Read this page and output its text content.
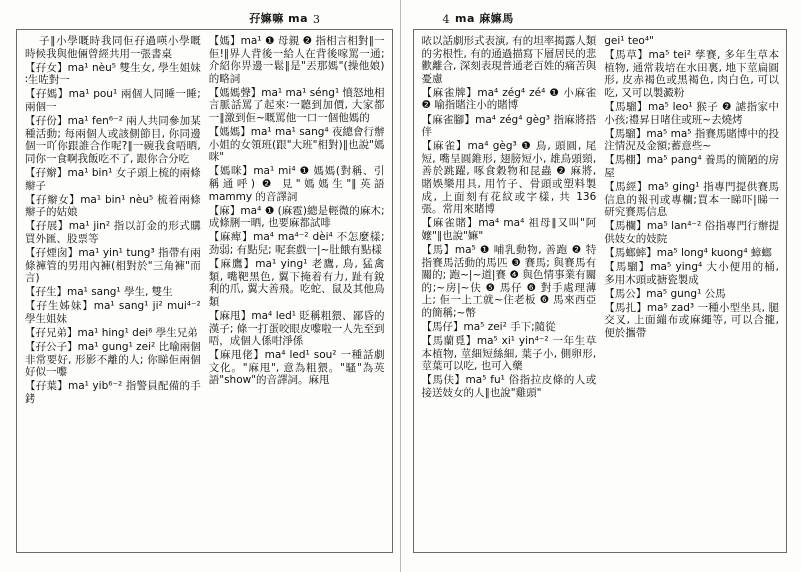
孖嫲嘛 ma 3
子∥小學嘅時我同佢孖過𠸄小學嘅時候我與他倆曾經共用一張書桌
【孖女】ma¹ nèu⁵ 雙生女, 學生姐妹∶生咗對一
【孖媽】ma¹ pou¹ 兩個人同睡一睡; 兩個一
【孖份】ma¹ fen⁶⁻² 兩人共同參加某種活動; 每兩個人或該側節目, 你同邊個一吖你跟誰合作呢?∥一碗我食唔晒, 同你一食啊我飯吃不了, 跟你合分吃
【孖辮】ma¹ bin¹ 女子頭上梳的兩條辮子
【孖辮女】ma¹ bin¹ nèu⁵ 梳着兩條辮子的姑娘
【孖展】ma¹ jin² 指以訂金的形式購買外匯、股票等
【孖煙囱】ma¹ yin¹ tung³ 指帶有兩條褲管的男用內褲(相對於"三角褲"而言)
【孖生】ma¹ sang¹ 學生, 雙生
【孖生姊妹】ma¹ sang¹ ji² mui⁴⁻² 學生姐妹
【孖兄弟】ma¹ hing¹ dei⁶ 學生兄弟
【孖公子】ma¹ gung¹ zei² 比喻兩個非常要好, 形影不離的人; 你睇佢兩個好似一嚟
【孖葉】ma¹ yib⁶⁻² 指警員配備的手銬
【媽】ma¹ ❶ 母親 ❷ 指相言相對∥一佢!∥界人背後一給人在背後𠺢罵一通; 介紹你畀邊一鬆∥是"丟那媽"(操他娘)的略詞
【媽媽聲】ma¹ ma¹ séng¹ 憤怒地相言脈話罵了起來∶一聽到加價, 大家都一∥激到佢~嘅罵他一口一個他媽的
【媽媽】ma¹ ma¹ sang⁴ 夜總會行辦小姐的女領班(跟"大班"相對)∥也說"媽咪"
【媽咪】ma¹ mi⁴ ❶ 媽媽(對稱、引稱通呼) ❷ 見"媽媽生"∥英語 mammy 的音譯詞
【麻】ma⁴ ❶ (麻雹)總是輕微的麻木; 成條脷一晒, 也要麻都試啡
【麻痺】ma⁴ ma⁴⁻² dèi⁴ 不怎麼樣; 劲弱; 有點兒; 呢套戲一|~肚餓有點樣
【麻鷹】ma¹ ying¹ 老鷹, 鳥, 猛禽類, 嘴靶黑色, 翼下掩着有力, 趾有銳利的爪, 翼大善飛。吃蛇、鼠及其他鳥類
【麻甩】ma⁴ led¹ 貶稱粗猥、鄙昏的漢子; 條一打蛋咬眼皮嚟啦一人先至到唔，成個人係咁淨係
【麻甩佬】ma⁴ led¹ sou² 一種話劇文化。"麻甩", 意為粗猥。"騷"為英語"show"的音譯詞。麻甩
4 ma 麻嫲馬
𠲖以話劇形式表演, 有的坦率揭露人類的劣根性, 有的通過描寫下層居民的悲歡離合, 深刻表現普通老百姓的痛苦與憂慮
【麻雀牌】ma⁴ zég⁴ zé⁴ ❶ 小麻雀 ❷ 喻指賭注小的賭博
【麻雀腳】ma⁴ zég⁴ gèg³ 指麻將搭伴
【麻雀】ma⁴ gèg³ ❶ 鳥, 頭圓, 尾短, 嘴呈圓錐形, 翅膀短小, 雄鳥頭頸, 善於跳躍, 啄食穀物和昆蟲 ❷ 麻將, 賭娛樂用具, 用竹子、骨頭或塑料製成, 上面刻有花紋或字樣, 共 136 張。常用來賭博
【麻雀賭】ma⁴ ma⁴ 祖母∥又叫"阿嬤"∥也說"嫲"
【馬】ma⁵ ❶ 哺乳動物, 善跑 ❷ 特指賽馬活動的馬匹 ❸ 賽馬; 與賽馬有關的; 跑~|~道|賽 ❹ 與色情事業有關的;~房|~伕 ❺ 馬仔 ❻ 對手處理薄上; 佢一上工就~住老板 ❻ 馬來西亞的簡稱;~幣
【馬仔】ma⁵ zei² 手下;隨從
【馬蘭覓】ma⁵ xi¹ yin⁴⁻² 一年生草本植物, 莖細短絲細, 葉子小, 側卵形, 莖葉可以吃, 也可入藥
【馬伕】ma⁵ fu¹ 俗指拉皮條的人或接送妓女的人∥也說"雞頭"
gei¹ teo⁴"
【馬草】ma⁵ tei² 孳賽, 多年生草本植物, 通常栽培在水田裏, 地下莖扁圓形, 皮赤褐色或黑褐色, 肉白色, 可以吃, 又可以製澱粉
【馬騮】ma⁵ leo¹ 猴子 ❷ 謔指家中小孩;禮昇日啫住或班~去燒烤
【馬騮】ma⁵ ma⁵ 指賽馬賭博中的投注情況及金額;蓄意些~
【馬棚】ma⁵ pang⁴ 養馬的簡陋的房屋
【馬經】ma⁵ ging¹ 指專門提供賽馬信息的報刊或專欄;買本一睇吓|睇一研究賽馬信息
【馬欄】ma⁵ lan⁴⁻² 俗指專門行辦提供妓女的妓院
【馬螂蟀】ma⁵ long⁴ kuong⁴ 蟑螂
【馬騮】ma⁵ ying⁴ 大小便用的桶, 多用木頭或搪瓷製成
【馬公】ma⁵ gung¹ 公馬
【馬扎】ma⁵ zad³ 一種小型坐具, 腿交叉, 上面繃布或麻繩等, 可以合攏, 便於攜帶
